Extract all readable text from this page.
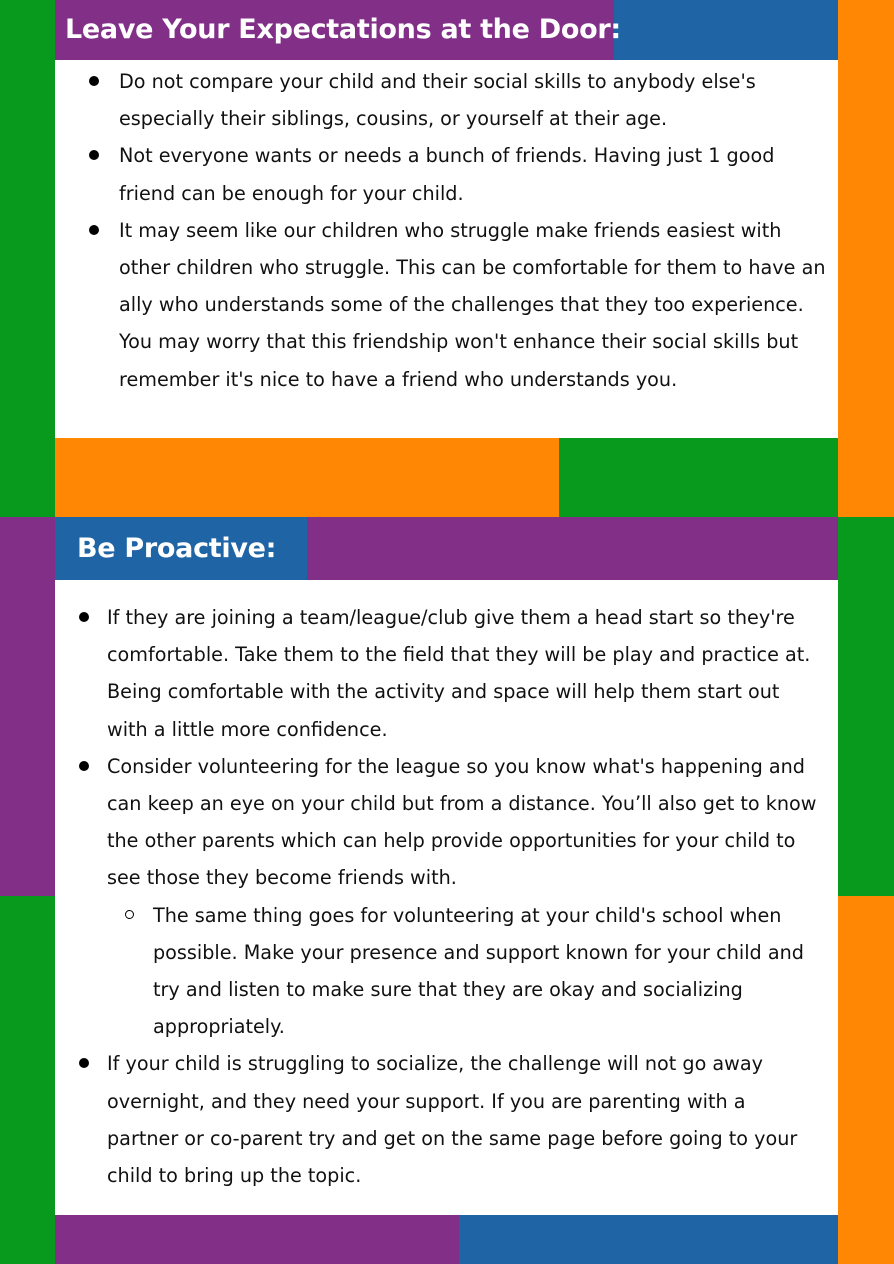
Leave Your Expectations at the Door:
Do not compare your child and their social skills to anybody else's especially their siblings, cousins, or yourself at their age.
Not everyone wants or needs a bunch of friends. Having just 1 good friend can be enough for your child.
It may seem like our children who struggle make friends easiest with other children who struggle. This can be comfortable for them to have an ally who understands some of the challenges that they too experience. You may worry that this friendship won't enhance their social skills but remember it's nice to have a friend who understands you.
Be Proactive:
If they are joining a team/league/club give them a head start so they're comfortable. Take them to the field that they will be play and practice at. Being comfortable with the activity and space will help them start out with a little more confidence.
Consider volunteering for the league so you know what's happening and can keep an eye on your child but from a distance. You’ll also get to know the other parents which can help provide opportunities for your child to see those they become friends with.
The same thing goes for volunteering at your child's school when possible. Make your presence and support known for your child and try and listen to make sure that they are okay and socializing appropriately.
If your child is struggling to socialize, the challenge will not go away overnight, and they need your support. If you are parenting with a partner or co-parent try and get on the same page before going to your child to bring up the topic.
